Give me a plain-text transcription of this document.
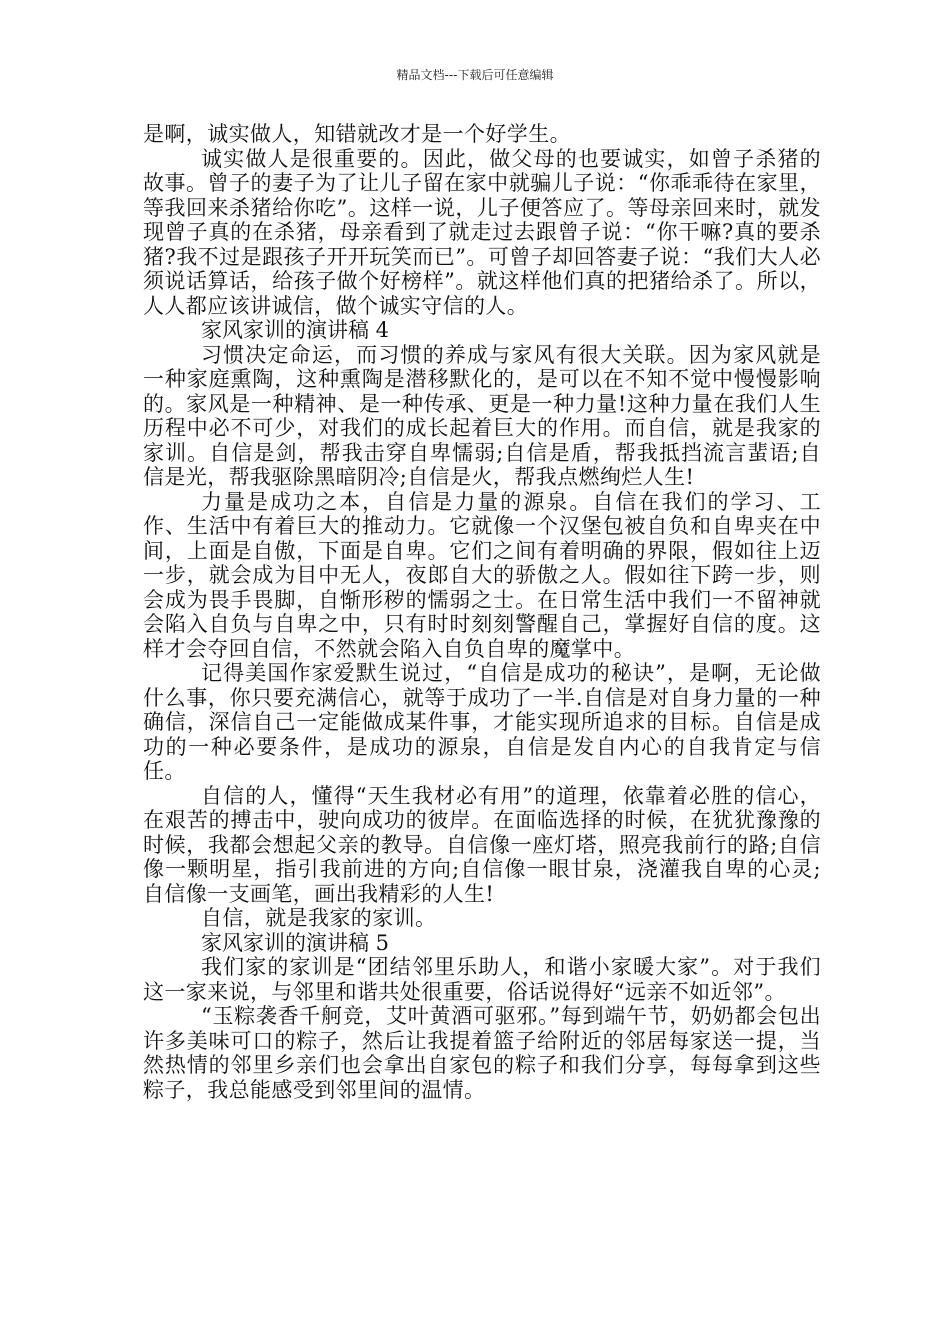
精品文档---下载后可任意编辑

是啊，诚实做人，知错就改才是一个好学生。

诚实做人是很重要的。因此，做父母的也要诚实，如曾子杀猪的故事。曾子的妻子为了让儿子留在家中就骗儿子说：“你乖乖待在家里，等我回来杀猪给你吃”。这样一说，儿子便答应了。等母亲回来时，就发现曾子真的在杀猪，母亲看到了就走过去跟曾子说：“你干嘛?真的要杀猪?我不过是跟孩子开开玩笑而已”。可曾子却回答妻子说：“我们大人必须说话算话，给孩子做个好榜样”。就这样他们真的把猪给杀了。所以，人人都应该讲诚信，做个诚实守信的人。

家风家训的演讲稿 4

习惯决定命运，而习惯的养成与家风有很大关联。因为家风就是一种家庭熏陶，这种熏陶是潜移默化的，是可以在不知不觉中慢慢影响的。家风是一种精神、是一种传承、更是一种力量!这种力量在我们人生历程中必不可少，对我们的成长起着巨大的作用。而自信，就是我家的家训。自信是剑，帮我击穿自卑懦弱;自信是盾，帮我抵挡流言蜚语;自信是光，帮我驱除黑暗阴冷;自信是火，帮我点燃绚烂人生!

力量是成功之本，自信是力量的源泉。自信在我们的学习、工作、生活中有着巨大的推动力。它就像一个汉堡包被自负和自卑夹在中间，上面是自傲，下面是自卑。它们之间有着明确的界限，假如往上迈一步，就会成为目中无人，夜郎自大的骄傲之人。假如往下跨一步，则会成为畏手畏脚，自惭形秽的懦弱之士。在日常生活中我们一不留神就会陷入自负与自卑之中，只有时时刻刻警醒自己，掌握好自信的度。这样才会夺回自信，不然就会陷入自负自卑的魔掌中。

记得美国作家爱默生说过，“自信是成功的秘诀”，是啊，无论做什么事，你只要充满信心，就等于成功了一半.自信是对自身力量的一种确信，深信自己一定能做成某件事，才能实现所追求的目标。自信是成功的一种必要条件，是成功的源泉，自信是发自内心的自我肯定与信任。

自信的人，懂得“天生我材必有用”的道理，依靠着必胜的信心，在艰苦的搏击中，驶向成功的彼岸。在面临选择的时候，在犹犹豫豫的时候，我都会想起父亲的教导。自信像一座灯塔，照亮我前行的路;自信像一颗明星，指引我前进的方向;自信像一眼甘泉，浇灌我自卑的心灵;自信像一支画笔，画出我精彩的人生!

自信，就是我家的家训。

家风家训的演讲稿 5

我们家的家训是“团结邻里乐助人，和谐小家暖大家”。对于我们这一家来说，与邻里和谐共处很重要，俗话说得好“远亲不如近邻”。

“玉粽袭香千舸竞，艾叶黄酒可驱邪。”每到端午节，奶奶都会包出许多美味可口的粽子，然后让我提着篮子给附近的邻居每家送一提，当然热情的邻里乡亲们也会拿出自家包的粽子和我们分享，每每拿到这些粽子，我总能感受到邻里间的温情。
